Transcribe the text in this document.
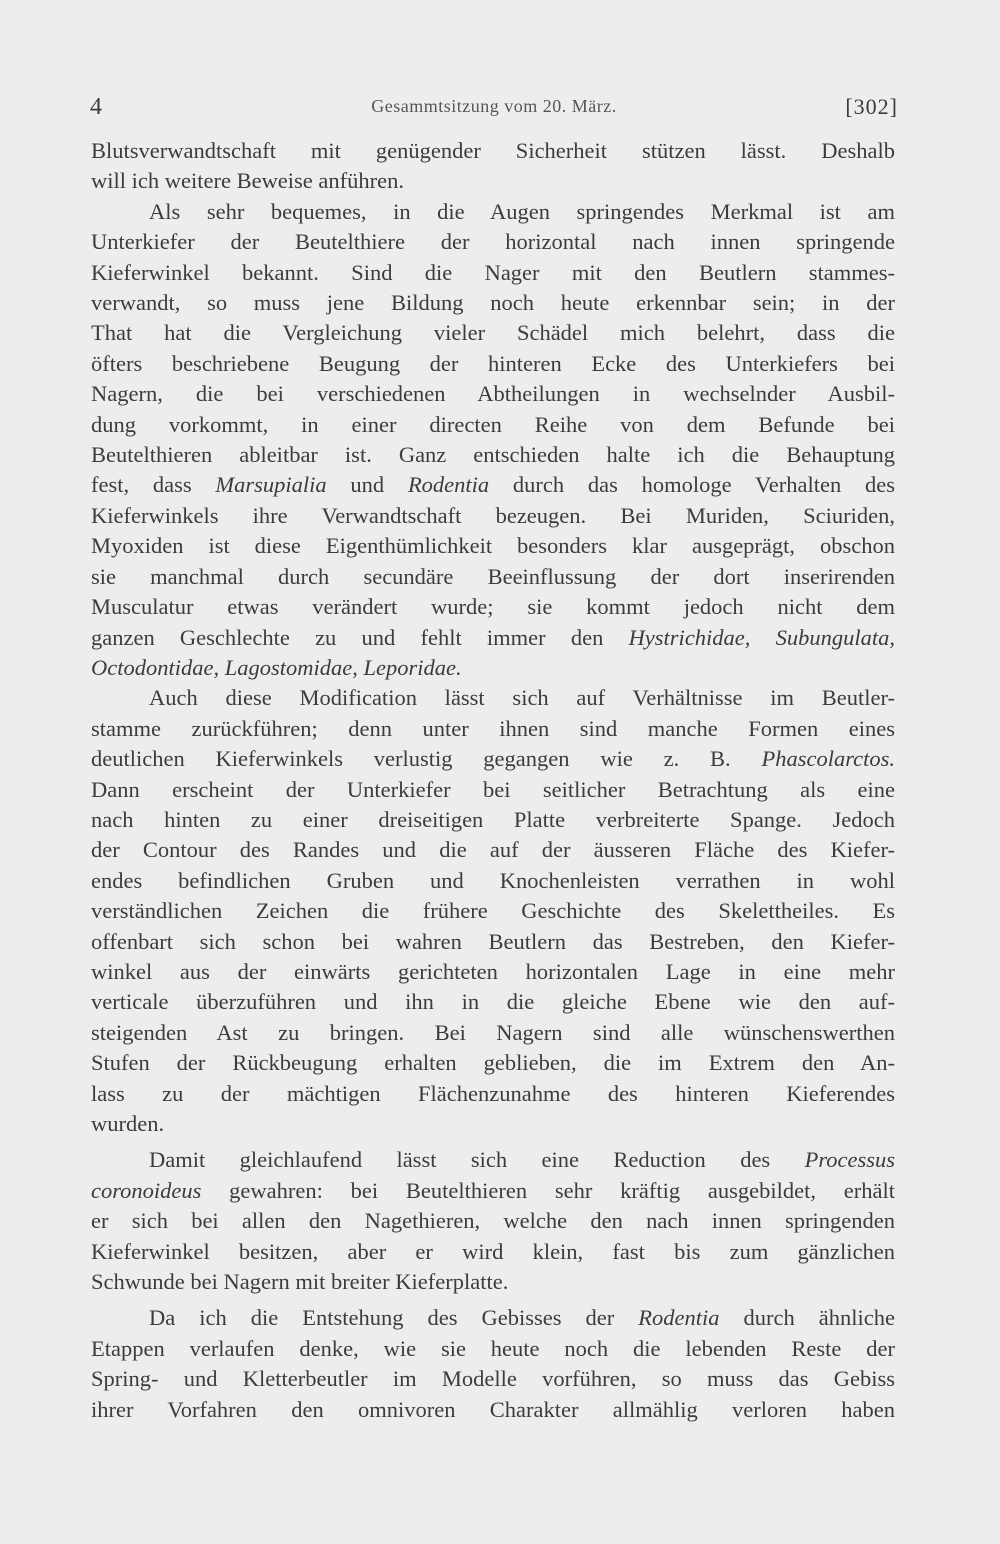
4	Gesammtsitzung vom 20. März.	[302]

Blutsverwandtschaft mit genügender Sicherheit stützen lässt. Deshalb
will ich weitere Beweise anführen.

Als sehr bequemes, in die Augen springendes Merkmal ist am
Unterkiefer der Beutelthiere der horizontal nach innen springende
Kieferwinkel bekannt. Sind die Nager mit den Beutlern stammes-
verwandt, so muss jene Bildung noch heute erkennbar sein; in der
That hat die Vergleichung vieler Schädel mich belehrt, dass die
öfters beschriebene Beugung der hinteren Ecke des Unterkiefers bei
Nagern, die bei verschiedenen Abtheilungen in wechselnder Ausbil-
dung vorkommt, in einer directen Reihe von dem Befunde bei
Beutelthieren ableitbar ist. Ganz entschieden halte ich die Behauptung
fest, dass Marsupialia und Rodentia durch das homologe Verhalten des
Kieferwinkels ihre Verwandtschaft bezeugen. Bei Muriden, Sciuriden,
Myoxiden ist diese Eigenthümlichkeit besonders klar ausgeprägt, obschon
sie manchmal durch secundäre Beeinflussung der dort inserirenden
Musculatur etwas verändert wurde; sie kommt jedoch nicht dem
ganzen Geschlechte zu und fehlt immer den Hystrichidae, Subungulata,
Octodontidae, Lagostomidae, Leporidae.

Auch diese Modification lässt sich auf Verhältnisse im Beutler-
stamme zurückführen; denn unter ihnen sind manche Formen eines
deutlichen Kieferwinkels verlustig gegangen wie z. B. Phascolarctos.
Dann erscheint der Unterkiefer bei seitlicher Betrachtung als eine
nach hinten zu einer dreiseitigen Platte verbreiterte Spange. Jedoch
der Contour des Randes und die auf der äusseren Fläche des Kiefer-
endes befindlichen Gruben und Knochenleisten verrathen in wohl
verständlichen Zeichen die frühere Geschichte des Skelettheiles. Es
offenbart sich schon bei wahren Beutlern das Bestreben, den Kiefer-
winkel aus der einwärts gerichteten horizontalen Lage in eine mehr
verticale überzuführen und ihn in die gleiche Ebene wie den auf-
steigenden Ast zu bringen. Bei Nagern sind alle wünschenswerthen
Stufen der Rückbeugung erhalten geblieben, die im Extrem den An-
lass zu der mächtigen Flächenzunahme des hinteren Kieferendes
wurden.

Damit gleichlaufend lässt sich eine Reduction des Processus
coronoideus gewahren: bei Beutelthieren sehr kräftig ausgebildet, erhält
er sich bei allen den Nagethieren, welche den nach innen springenden
Kieferwinkel besitzen, aber er wird klein, fast bis zum gänzlichen
Schwunde bei Nagern mit breiter Kieferplatte.

Da ich die Entstehung des Gebisses der Rodentia durch ähnliche
Etappen verlaufen denke, wie sie heute noch die lebenden Reste der
Spring- und Kletterbeutler im Modelle vorführen, so muss das Gebiss
ihrer Vorfahren den omnivoren Charakter allmählig verloren haben
